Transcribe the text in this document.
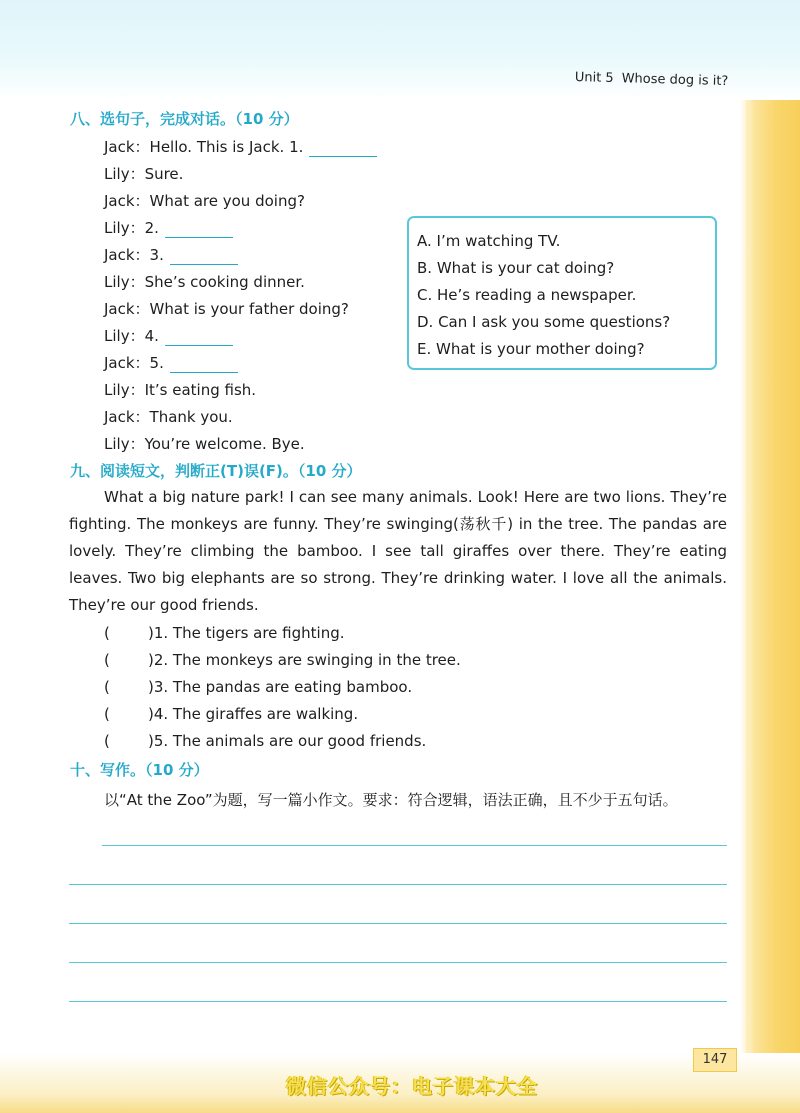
Unit 5 Whose dog is it?
八、选句子，完成对话。（10 分）
Jack：Hello. This is Jack. 1.
Lily：Sure.
Jack：What are you doing?
Lily：2.
Jack：3.
Lily：She’s cooking dinner.
Jack：What is your father doing?
Lily：4.
Jack：5.
Lily：It’s eating fish.
Jack：Thank you.
Lily：You’re welcome. Bye.
A. I’m watching TV.
B. What is your cat doing?
C. He’s reading a newspaper.
D. Can I ask you some questions?
E. What is your mother doing?
九、阅读短文，判断正(T)误(F)。（10 分）
What a big nature park! I can see many animals. Look! Here are two lions. They’re fighting. The monkeys are funny. They’re swinging(荡秋千) in the tree. The pandas are lovely. They’re climbing the bamboo. I see tall giraffes over there. They’re eating leaves. Two big elephants are so strong. They’re drinking water. I love all the animals. They’re our good friends.
(	)1. The tigers are fighting.
(	)2. The monkeys are swinging in the tree.
(	)3. The pandas are eating bamboo.
(	)4. The giraffes are walking.
(	)5. The animals are our good friends.
十、写作。（10 分）
以“At the Zoo”为题，写一篇小作文。要求：符合逻辑，语法正确，且不少于五句话。
147
微信公众号：电子课本大全
